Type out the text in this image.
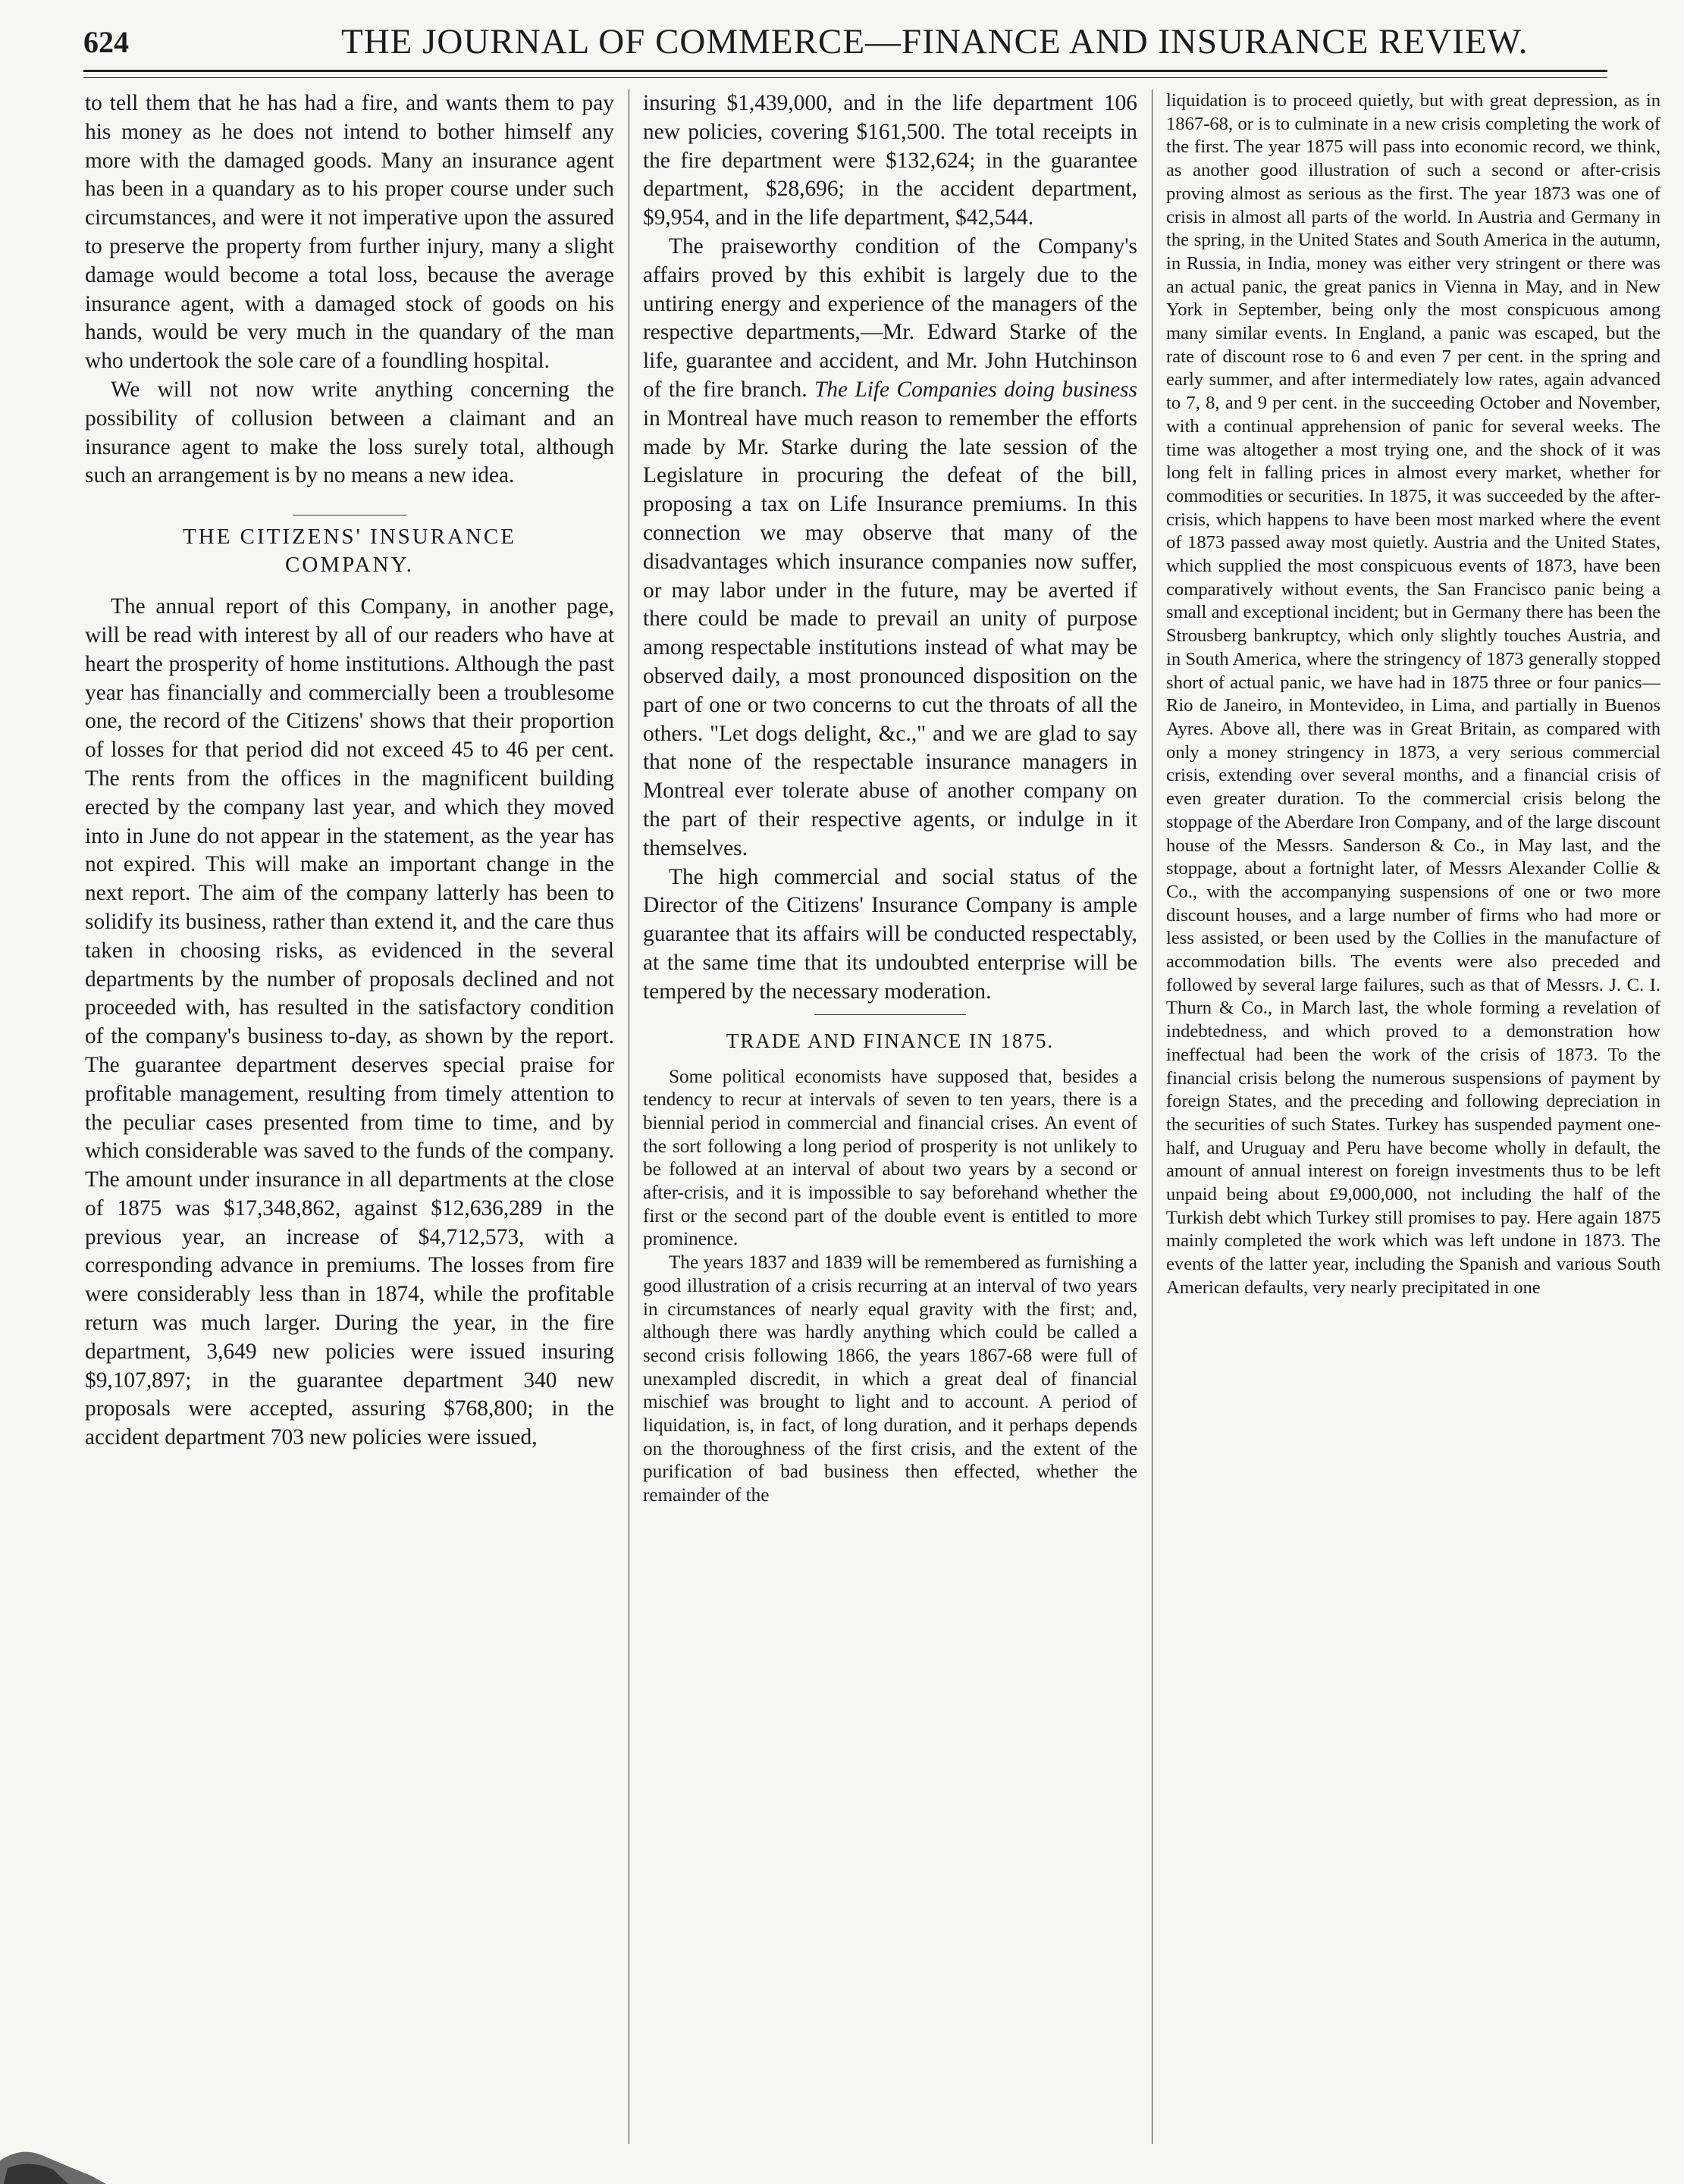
624	THE JOURNAL OF COMMERCE—FINANCE AND INSURANCE REVIEW.

to tell them that he has had a fire, and wants them to pay his money as he does not intend to bother himself any more with the damaged goods. Many an insurance agent has been in a quandary as to his proper course under such circumstances, and were it not imperative upon the assured to preserve the property from further injury, many a slight damage would become a total loss, because the average insurance agent, with a damaged stock of goods on his hands, would be very much in the quandary of the man who undertook the sole care of a foundling hospital.

We will not now write anything concerning the possibility of collusion between a claimant and an insurance agent to make the loss surely total, although such an arrangement is by no means a new idea.

THE CITIZENS' INSURANCE
COMPANY.

The annual report of this Company, in another page, will be read with interest by all of our readers who have at heart the prosperity of home institutions. Although the past year has financially and commercially been a troublesome one, the record of the Citizens' shows that their proportion of losses for that period did not exceed 45 to 46 per cent. The rents from the offices in the magnificent building erected by the company last year, and which they moved into in June do not appear in the statement, as the year has not expired. This will make an important change in the next report. The aim of the company latterly has been to solidify its business, rather than extend it, and the care thus taken in choosing risks, as evidenced in the several departments by the number of proposals declined and not proceeded with, has resulted in the satisfactory condition of the company's business to-day, as shown by the report. The guarantee department deserves special praise for profitable management, resulting from timely attention to the peculiar cases presented from time to time, and by which considerable was saved to the funds of the company. The amount under insurance in all departments at the close of 1875 was $17,348,862, against $12,636,289 in the previous year, an increase of $4,712,573, with a corresponding advance in premiums. The losses from fire were considerably less than in 1874, while the profitable return was much larger. During the year, in the fire department, 3,649 new policies were issued insuring $9,107,897; in the guarantee department 340 new proposals were accepted, assuring $768,800; in the accident department 703 new policies were issued,

insuring $1,439,000, and in the life department 106 new policies, covering $161,500. The total receipts in the fire department were $132,624; in the guarantee department, $28,696; in the accident department, $9,954, and in the life department, $42,544.

The praiseworthy condition of the Company's affairs proved by this exhibit is largely due to the untiring energy and experience of the managers of the respective departments,—Mr. Edward Starke of the life, guarantee and accident, and Mr. John Hutchinson of the fire branch. The Life Companies doing business in Montreal have much reason to remember the efforts made by Mr. Starke during the late session of the Legislature in procuring the defeat of the bill, proposing a tax on Life Insurance premiums. In this connection we may observe that many of the disadvantages which insurance companies now suffer, or may labor under in the future, may be averted if there could be made to prevail an unity of purpose among respectable institutions instead of what may be observed daily, a most pronounced disposition on the part of one or two concerns to cut the throats of all the others. "Let dogs delight, &c.," and we are glad to say that none of the respectable insurance managers in Montreal ever tolerate abuse of another company on the part of their respective agents, or indulge in it themselves.

The high commercial and social status of the Director of the Citizens' Insurance Company is ample guarantee that its affairs will be conducted respectably, at the same time that its undoubted enterprise will be tempered by the necessary moderation.

TRADE AND FINANCE IN 1875.

Some political economists have supposed that, besides a tendency to recur at intervals of seven to ten years, there is a biennial period in commercial and financial crises. An event of the sort following a long period of prosperity is not unlikely to be followed at an interval of about two years by a second or after-crisis, and it is impossible to say beforehand whether the first or the second part of the double event is entitled to more prominence.

The years 1837 and 1839 will be remembered as furnishing a good illustration of a crisis recurring at an interval of two years in circumstances of nearly equal gravity with the first; and, although there was hardly anything which could be called a second crisis following 1866, the years 1867-68 were full of unexampled discredit, in which a great deal of financial mischief was brought to light and to account. A period of liquidation, is, in fact, of long duration, and it perhaps depends on the thoroughness of the first crisis, and the extent of the purification of bad business then effected, whether the remainder of the

liquidation is to proceed quietly, but with great depression, as in 1867-68, or is to culminate in a new crisis completing the work of the first. The year 1875 will pass into economic record, we think, as another good illustration of such a second or after-crisis proving almost as serious as the first. The year 1873 was one of crisis in almost all parts of the world. In Austria and Germany in the spring, in the United States and South America in the autumn, in Russia, in India, money was either very stringent or there was an actual panic, the great panics in Vienna in May, and in New York in September, being only the most conspicuous among many similar events. In England, a panic was escaped, but the rate of discount rose to 6 and even 7 per cent. in the spring and early summer, and after intermediately low rates, again advanced to 7, 8, and 9 per cent. in the succeeding October and November, with a continual apprehension of panic for several weeks. The time was altogether a most trying one, and the shock of it was long felt in falling prices in almost every market, whether for commodities or securities. In 1875, it was succeeded by the after-crisis, which happens to have been most marked where the event of 1873 passed away most quietly. Austria and the United States, which supplied the most conspicuous events of 1873, have been comparatively without events, the San Francisco panic being a small and exceptional incident; but in Germany there has been the Strousberg bankruptcy, which only slightly touches Austria, and in South America, where the stringency of 1873 generally stopped short of actual panic, we have had in 1875 three or four panics—Rio de Janeiro, in Montevideo, in Lima, and partially in Buenos Ayres. Above all, there was in Great Britain, as compared with only a money stringency in 1873, a very serious commercial crisis, extending over several months, and a financial crisis of even greater duration. To the commercial crisis belong the stoppage of the Aberdare Iron Company, and of the large discount house of the Messrs. Sanderson & Co., in May last, and the stoppage, about a fortnight later, of Messrs Alexander Collie & Co., with the accompanying suspensions of one or two more discount houses, and a large number of firms who had more or less assisted, or been used by the Collies in the manufacture of accommodation bills. The events were also preceded and followed by several large failures, such as that of Messrs. J. C. I. Thurn & Co., in March last, the whole forming a revelation of indebtedness, and which proved to a demonstration how ineffectual had been the work of the crisis of 1873. To the financial crisis belong the numerous suspensions of payment by foreign States, and the preceding and following depreciation in the securities of such States. Turkey has suspended payment one-half, and Uruguay and Peru have become wholly in default, the amount of annual interest on foreign investments thus to be left unpaid being about £9,000,000, not including the half of the Turkish debt which Turkey still promises to pay. Here again 1875 mainly completed the work which was left undone in 1873. The events of the latter year, including the Spanish and various South American defaults, very nearly precipitated in one
